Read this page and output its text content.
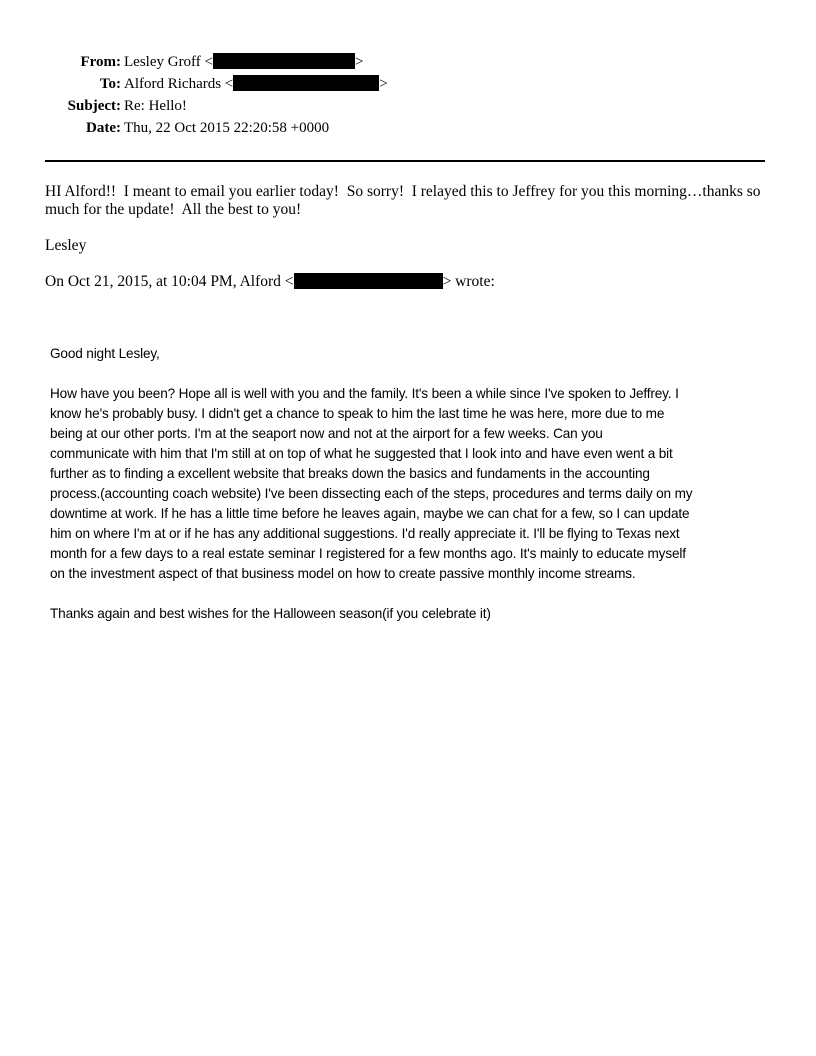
From: Lesley Groff <	>
To: Alford Richards <	>
Subject: Re: Hello!
Date: Thu, 22 Oct 2015 22:20:58 +0000
HI Alford!!  I meant to email you earlier today!  So sorry!  I relayed this to Jeffrey for you this morning…thanks so much for the update!  All the best to you!
Lesley
On Oct 21, 2015, at 10:04 PM, Alford <	> wrote:
Good night Lesley,
How have you been? Hope all is well with you and the family. It's been a while since I've spoken to Jeffrey. I
know he's probably busy. I didn't get a chance to speak to him the last time he was here, more due to me
being at our other ports. I'm at the seaport now and not at the airport for a few weeks. Can you
communicate with him that I'm still at on top of what he suggested that I look into and have even went a bit
further as to finding a excellent website that breaks down the basics and fundaments in the accounting
process.(accounting coach website) I've been dissecting each of the steps, procedures and terms daily on my
downtime at work. If he has a little time before he leaves again, maybe we can chat for a few, so I can update
him on where I'm at or if he has any additional suggestions. I'd really appreciate it. I'll be flying to Texas next
month for a few days to a real estate seminar I registered for a few months ago. It's mainly to educate myself
on the investment aspect of that business model on how to create passive monthly income streams.
Thanks again and best wishes for the Halloween season(if you celebrate it)
